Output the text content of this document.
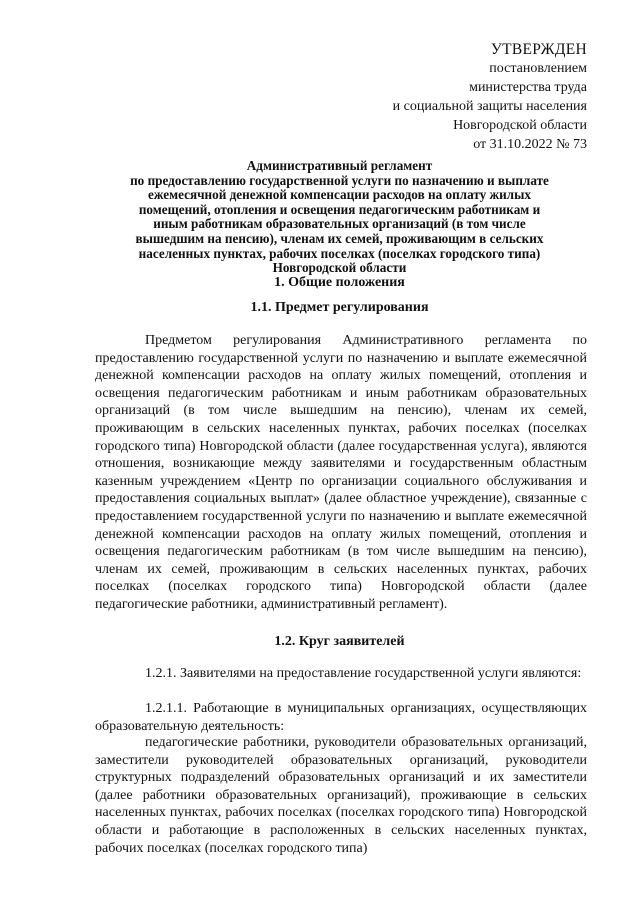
УТВЕРЖДЕН
постановлением
министерства труда
и социальной защиты населения
Новгородской области
от 31.10.2022 № 73
Административный регламент
по предоставлению государственной услуги по назначению и выплате
ежемесячной денежной компенсации расходов на оплату жилых
помещений, отопления и освещения педагогическим работникам и
иным работникам образовательных организаций (в том числе
вышедшим на пенсию), членам их семей, проживающим в сельских
населенных пунктах, рабочих поселках (поселках городского типа)
Новгородской области
1. Общие положения
1.1. Предмет регулирования
Предметом регулирования Административного регламента по предоставлению государственной услуги по назначению и выплате ежемесячной денежной компенсации расходов на оплату жилых помещений, отопления и освещения педагогическим работникам и иным работникам образовательных организаций (в том числе вышедшим на пенсию), членам их семей, проживающим в сельских населенных пунктах, рабочих поселках (поселках городского типа) Новгородской области (далее государственная услуга), являются отношения, возникающие между заявителями и государственным областным казенным учреждением «Центр по организации социального обслуживания и предоставления социальных выплат» (далее областное учреждение), связанные с предоставлением государственной услуги по назначению и выплате ежемесячной денежной компенсации расходов на оплату жилых помещений, отопления и освещения педагогическим работникам (в том числе вышедшим на пенсию), членам их семей, проживающим в сельских населенных пунктах, рабочих поселках (поселках городского типа) Новгородской области (далее педагогические работники, административный регламент).
1.2. Круг заявителей
1.2.1. Заявителями на предоставление государственной услуги являются:
1.2.1.1. Работающие в муниципальных организациях, осуществляющих образовательную деятельность:
педагогические работники, руководители образовательных организаций, заместители руководителей образовательных организаций, руководители структурных подразделений образовательных организаций и их заместители (далее работники образовательных организаций), проживающие в сельских населенных пунктах, рабочих поселках (поселках городского типа) Новгородской области и работающие в расположенных в сельских населенных пунктах, рабочих поселках (поселках городского типа)
